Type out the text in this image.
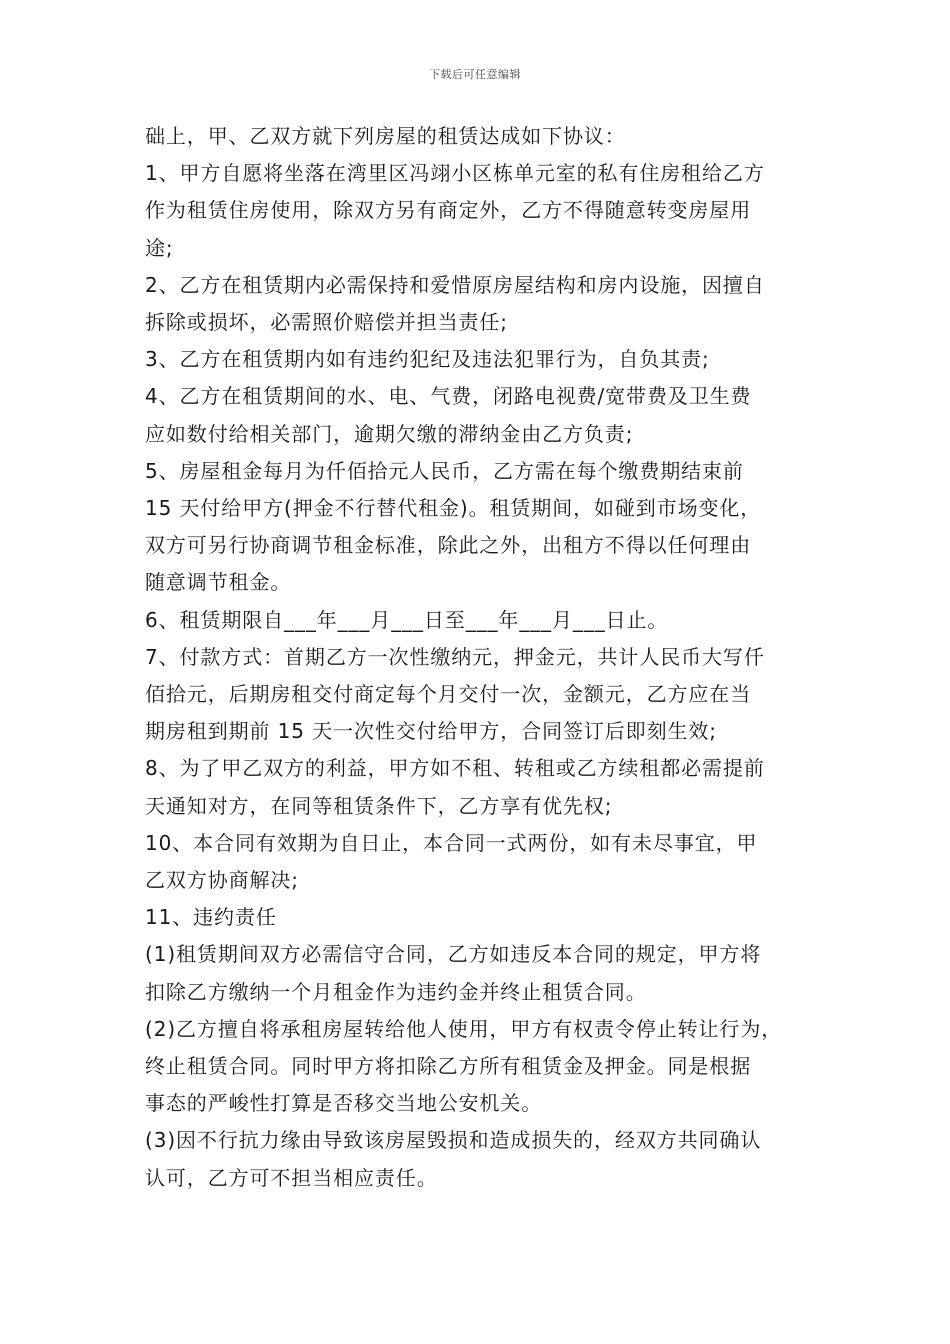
下载后可任意编辑

础上，甲、乙双方就下列房屋的租赁达成如下协议：

1、甲方自愿将坐落在湾里区冯翊小区栋单元室的私有住房租给乙方

作为租赁住房使用，除双方另有商定外，乙方不得随意转变房屋用

途;

2、乙方在租赁期内必需保持和爱惜原房屋结构和房内设施，因擅自

拆除或损坏，必需照价赔偿并担当责任;

3、乙方在租赁期内如有违约犯纪及违法犯罪行为，自负其责;

4、乙方在租赁期间的水、电、气费，闭路电视费/宽带费及卫生费

应如数付给相关部门，逾期欠缴的滞纳金由乙方负责;

5、房屋租金每月为仟佰拾元人民币，乙方需在每个缴费期结束前

15 天付给甲方(押金不行替代租金)。租赁期间，如碰到市场变化，

双方可另行协商调节租金标准，除此之外，出租方不得以任何理由

随意调节租金。

6、租赁期限自___年___月___日至___年___月___日止。

7、付款方式：首期乙方一次性缴纳元，押金元，共计人民币大写仟

佰拾元，后期房租交付商定每个月交付一次，金额元，乙方应在当

期房租到期前 15 天一次性交付给甲方，合同签订后即刻生效;

8、为了甲乙双方的利益，甲方如不租、转租或乙方续租都必需提前

天通知对方，在同等租赁条件下，乙方享有优先权;

10、本合同有效期为自日止，本合同一式两份，如有未尽事宜，甲

乙双方协商解决;

11、违约责任

(1)租赁期间双方必需信守合同，乙方如违反本合同的规定，甲方将

扣除乙方缴纳一个月租金作为违约金并终止租赁合同。

(2)乙方擅自将承租房屋转给他人使用，甲方有权责令停止转让行为，

终止租赁合同。同时甲方将扣除乙方所有租赁金及押金。同是根据

事态的严峻性打算是否移交当地公安机关。

(3)因不行抗力缘由导致该房屋毁损和造成损失的，经双方共同确认

认可，乙方可不担当相应责任。
